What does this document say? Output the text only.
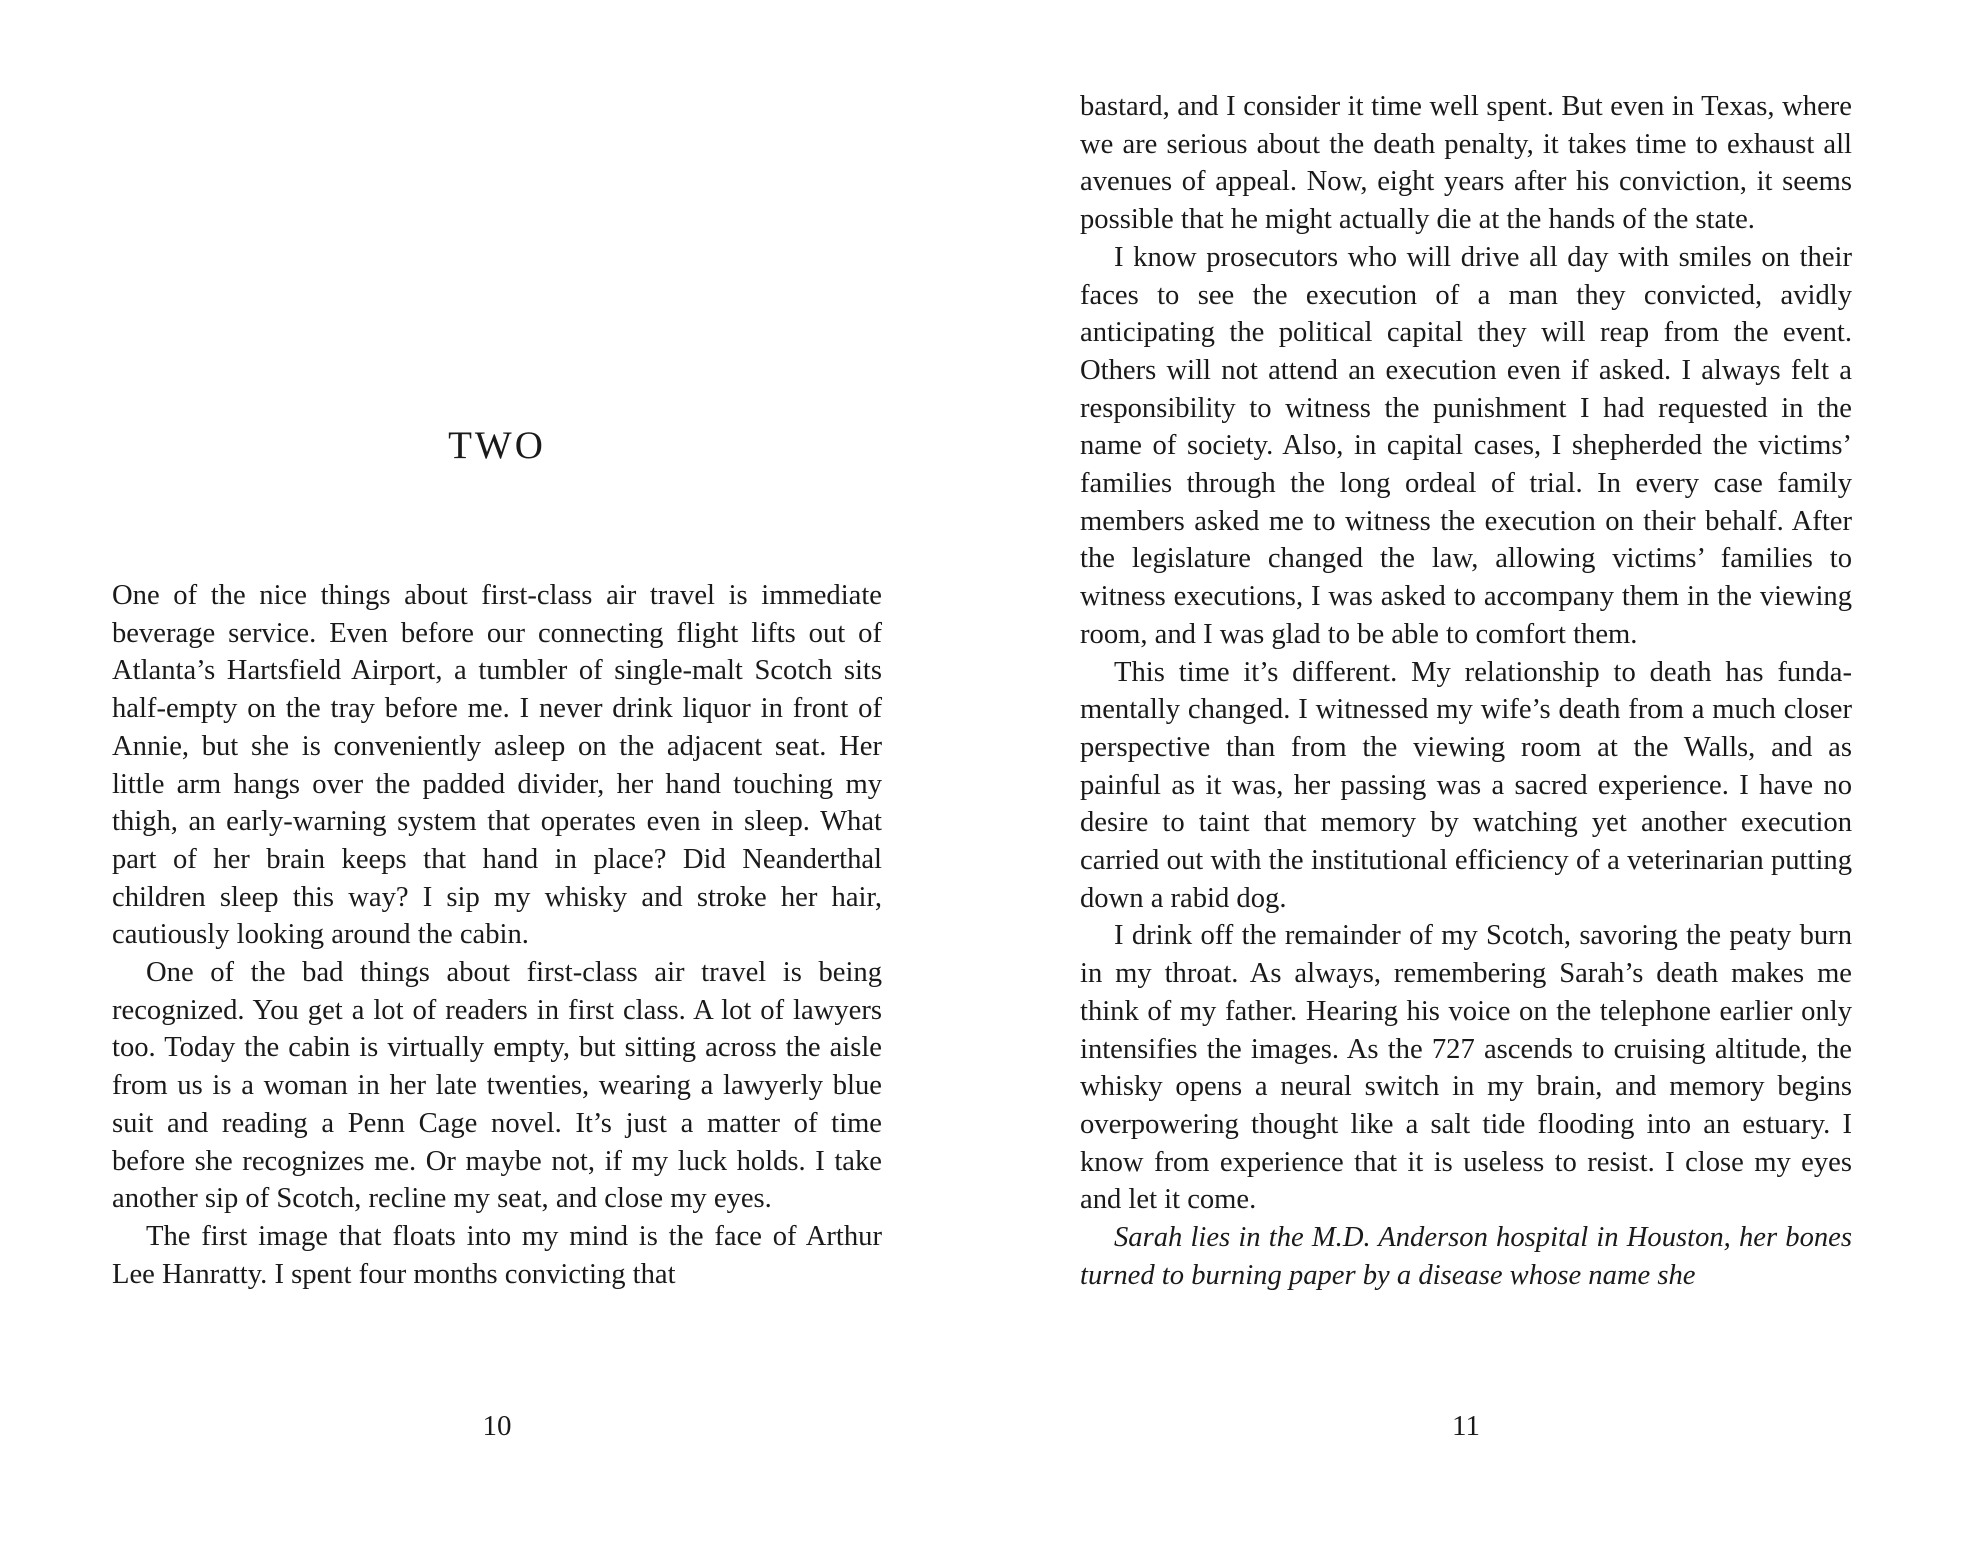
TWO

One of the nice things about first-class air travel is immediate beverage service. Even before our connecting flight lifts out of Atlanta’s Hartsfield Airport, a tumbler of single-malt Scotch sits half-empty on the tray before me. I never drink liquor in front of Annie, but she is conveniently asleep on the adjacent seat. Her little arm hangs over the padded divider, her hand touching my thigh, an early-warning system that operates even in sleep. What part of her brain keeps that hand in place? Did Neanderthal children sleep this way? I sip my whisky and stroke her hair, cautiously looking around the cabin.

One of the bad things about first-class air travel is being recognized. You get a lot of readers in first class. A lot of lawyers too. Today the cabin is virtually empty, but sitting across the aisle from us is a woman in her late twenties, wearing a lawyerly blue suit and reading a Penn Cage novel. It’s just a matter of time before she recognizes me. Or maybe not, if my luck holds. I take another sip of Scotch, recline my seat, and close my eyes.

The first image that floats into my mind is the face of Arthur Lee Hanratty. I spent four months convicting that

10

bastard, and I consider it time well spent. But even in Texas, where we are serious about the death penalty, it takes time to exhaust all avenues of appeal. Now, eight years after his conviction, it seems possible that he might actually die at the hands of the state.

I know prosecutors who will drive all day with smiles on their faces to see the execution of a man they convicted, avidly anticipating the political capital they will reap from the event. Others will not attend an execution even if asked. I always felt a responsibility to witness the punishment I had requested in the name of society. Also, in capital cases, I shepherded the victims’ families through the long ordeal of trial. In every case family members asked me to witness the execution on their behalf. After the legislature changed the law, allowing victims’ families to witness executions, I was asked to accompany them in the viewing room, and I was glad to be able to comfort them.

This time it’s different. My relationship to death has fundamentally changed. I witnessed my wife’s death from a much closer perspective than from the viewing room at the Walls, and as painful as it was, her passing was a sacred experience. I have no desire to taint that memory by watching yet another execution carried out with the institutional efficiency of a veterinarian putting down a rabid dog.

I drink off the remainder of my Scotch, savoring the peaty burn in my throat. As always, remembering Sarah’s death makes me think of my father. Hearing his voice on the telephone earlier only intensifies the images. As the 727 ascends to cruising altitude, the whisky opens a neural switch in my brain, and memory begins overpowering thought like a salt tide flooding into an estuary. I know from experience that it is useless to resist. I close my eyes and let it come.

Sarah lies in the M.D. Anderson hospital in Houston, her bones turned to burning paper by a disease whose name she

11
